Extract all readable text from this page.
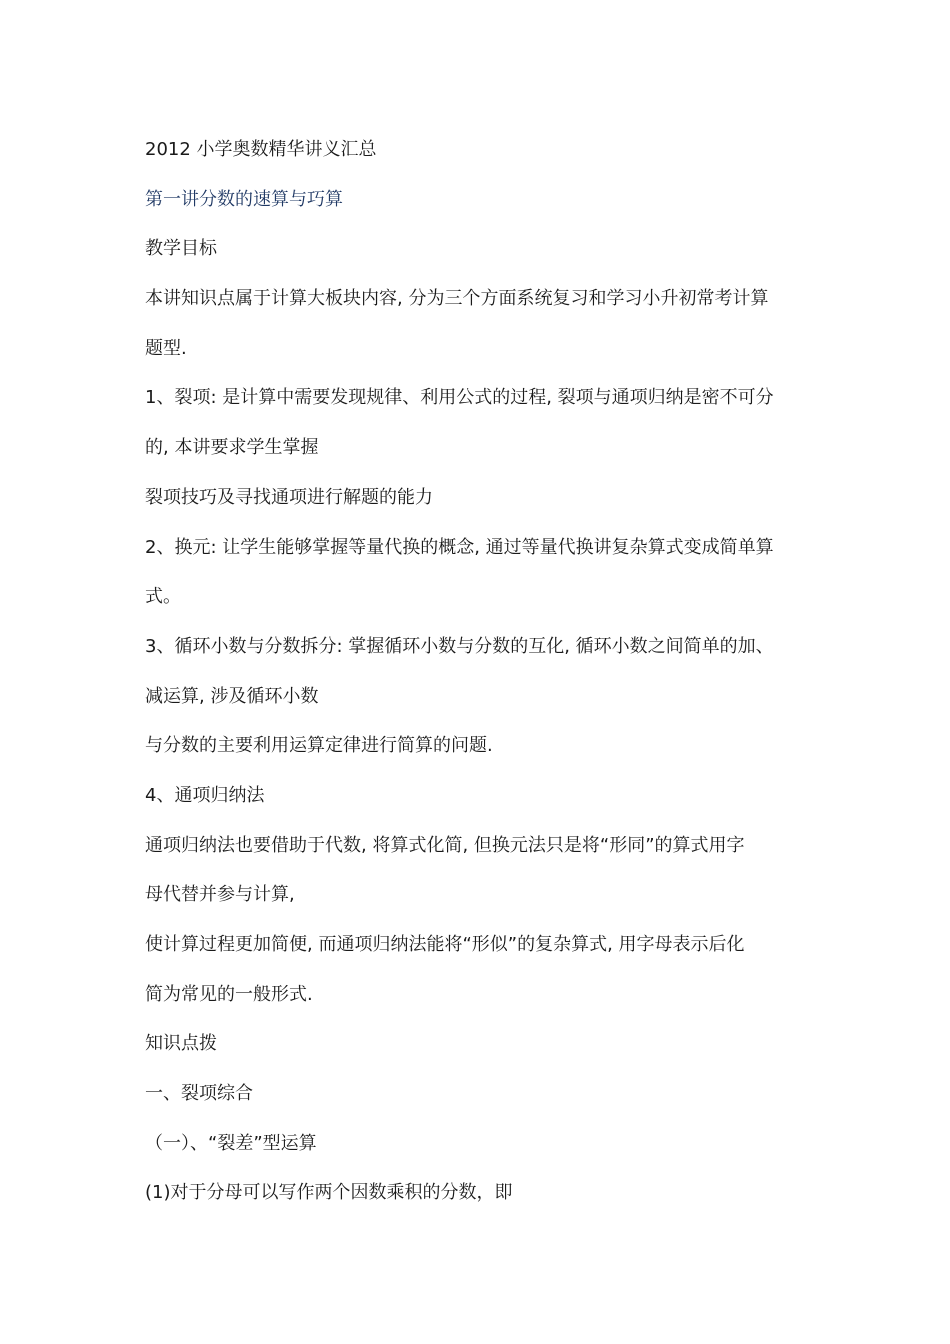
2012 小学奥数精华讲义汇总
第一讲分数的速算与巧算
教学目标
本讲知识点属于计算大板块内容, 分为三个方面系统复习和学习小升初常考计算
题型.
1、裂项: 是计算中需要发现规律、利用公式的过程, 裂项与通项归纳是密不可分
的, 本讲要求学生掌握
裂项技巧及寻找通项进行解题的能力
2、换元: 让学生能够掌握等量代换的概念, 通过等量代换讲复杂算式变成简单算
式。
3、循环小数与分数拆分: 掌握循环小数与分数的互化, 循环小数之间简单的加、
减运算, 涉及循环小数
与分数的主要利用运算定律进行简算的问题.
4、通项归纳法
通项归纳法也要借助于代数, 将算式化简, 但换元法只是将“形同”的算式用字
母代替并参与计算,
使计算过程更加简便, 而通项归纳法能将“形似”的复杂算式, 用字母表示后化
简为常见的一般形式.
知识点拨
一、裂项综合
（一）、“裂差”型运算
(1)对于分母可以写作两个因数乘积的分数，即
